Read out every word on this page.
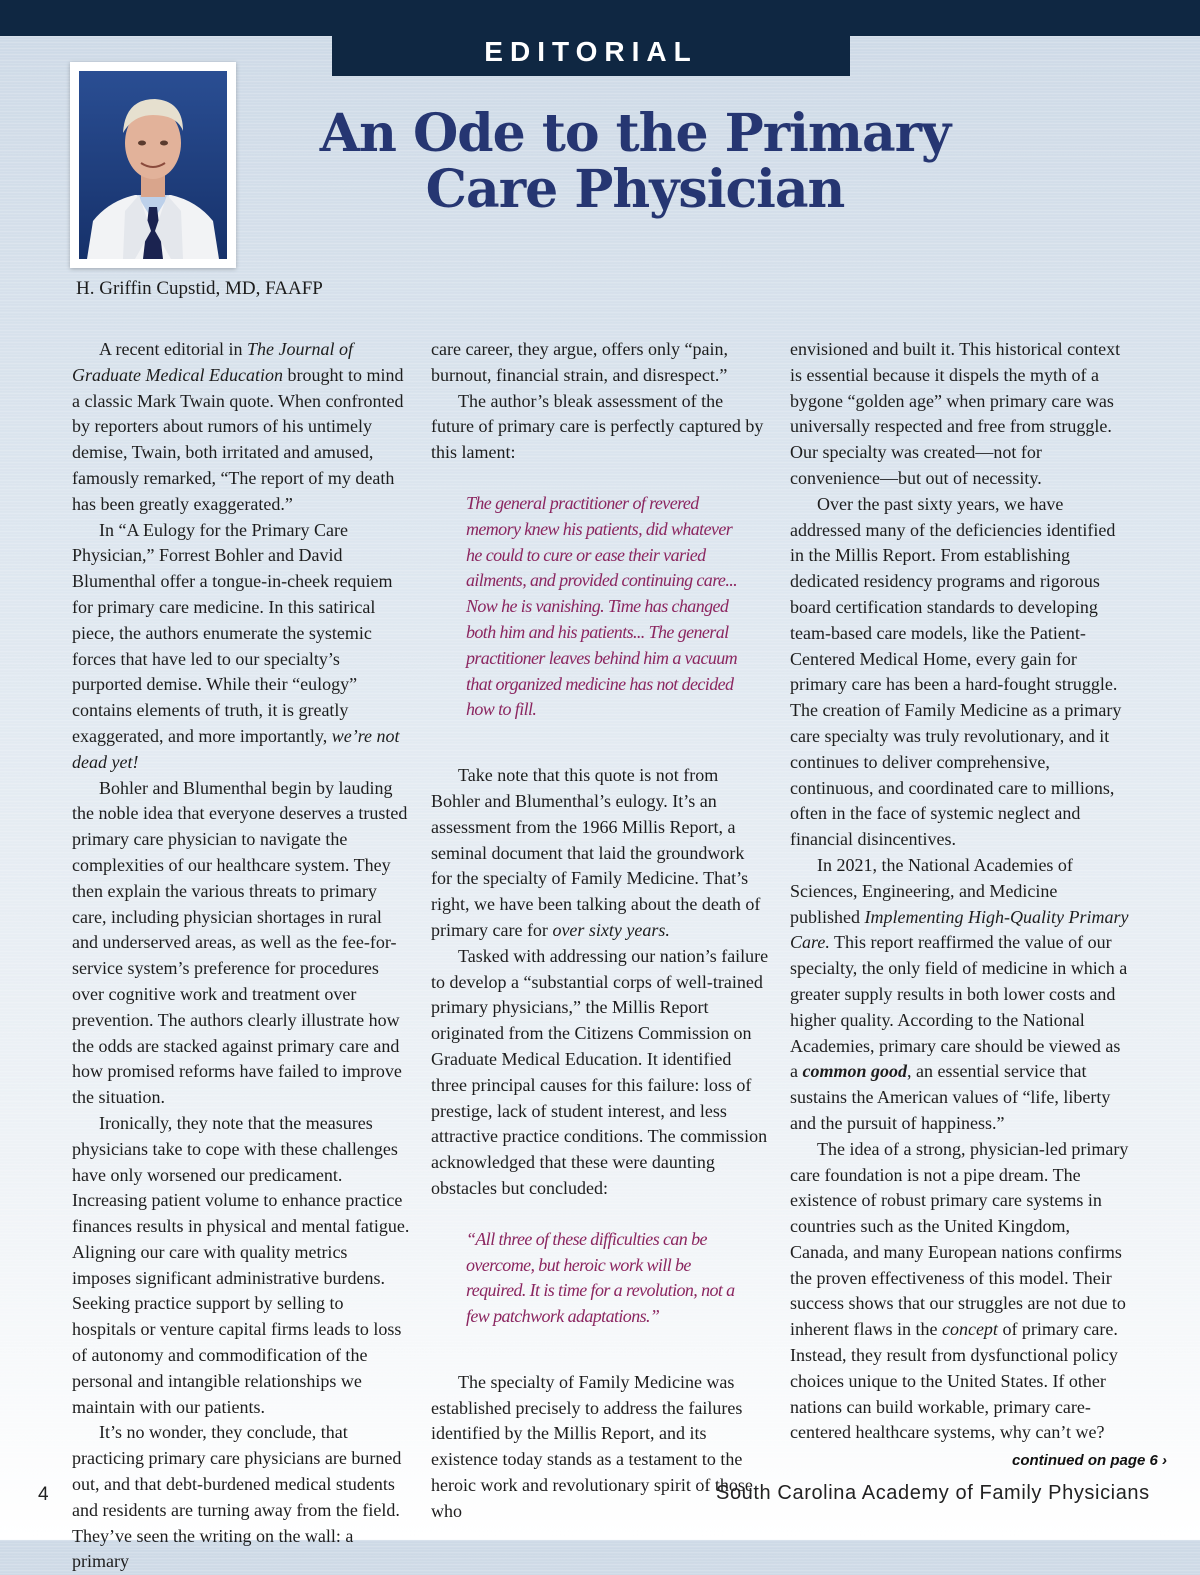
EDITORIAL
H. Griffin Cupstid, MD, FAAFP
An Ode to the Primary
Care Physician

A recent editorial in The Journal of Graduate Medical Education brought to mind a classic Mark Twain quote. When confronted by reporters about rumors of his untimely demise, Twain, both irritated and amused, famously remarked, “The report of my death has been greatly exaggerated.”

In “A Eulogy for the Primary Care Physician,” Forrest Bohler and David Blumenthal offer a tongue-in-cheek requiem for primary care medicine. In this satirical piece, the authors enumerate the systemic forces that have led to our specialty’s purported demise. While their “eulogy” contains elements of truth, it is greatly exaggerated, and more importantly, we’re not dead yet!

Bohler and Blumenthal begin by lauding the noble idea that everyone deserves a trusted primary care physician to navigate the complexities of our healthcare system. They then explain the various threats to primary care, including physician shortages in rural and underserved areas, as well as the fee-for-service system’s preference for procedures over cognitive work and treatment over prevention. The authors clearly illustrate how the odds are stacked against primary care and how promised reforms have failed to improve the situation.

Ironically, they note that the measures physicians take to cope with these challenges have only worsened our predicament. Increasing patient volume to enhance practice finances results in physical and mental fatigue. Aligning our care with quality metrics imposes significant administrative burdens. Seeking practice support by selling to hospitals or venture capital firms leads to loss of autonomy and commodification of the personal and intangible relationships we maintain with our patients.

It’s no wonder, they conclude, that practicing primary care physicians are burned out, and that debt-burdened medical students and residents are turning away from the field. They’ve seen the writing on the wall: a primary

care career, they argue, offers only “pain, burnout, financial strain, and disrespect.”

The author’s bleak assessment of the future of primary care is perfectly captured by this lament:

The general practitioner of revered memory knew his patients, did whatever he could to cure or ease their varied ailments, and provided continuing care... Now he is vanishing. Time has changed both him and his patients... The general practitioner leaves behind him a vacuum that organized medicine has not decided how to fill.

Take note that this quote is not from Bohler and Blumenthal’s eulogy. It’s an assessment from the 1966 Millis Report, a seminal document that laid the groundwork for the specialty of Family Medicine. That’s right, we have been talking about the death of primary care for over sixty years.

Tasked with addressing our nation’s failure to develop a “substantial corps of well-trained primary physicians,” the Millis Report originated from the Citizens Commission on Graduate Medical Education. It identified three principal causes for this failure: loss of prestige, lack of student interest, and less attractive practice conditions. The commission acknowledged that these were daunting obstacles but concluded:

“All three of these difficulties can be overcome, but heroic work will be required. It is time for a revolution, not a few patchwork adaptations.”

The specialty of Family Medicine was established precisely to address the failures identified by the Millis Report, and its existence today stands as a testament to the heroic work and revolutionary spirit of those who

envisioned and built it. This historical context is essential because it dispels the myth of a bygone “golden age” when primary care was universally respected and free from struggle. Our specialty was created—not for convenience—but out of necessity.

Over the past sixty years, we have addressed many of the deficiencies identified in the Millis Report. From establishing dedicated residency programs and rigorous board certification standards to developing team-based care models, like the Patient-Centered Medical Home, every gain for primary care has been a hard-fought struggle. The creation of Family Medicine as a primary care specialty was truly revolutionary, and it continues to deliver comprehensive, continuous, and coordinated care to millions, often in the face of systemic neglect and financial disincentives.

In 2021, the National Academies of Sciences, Engineering, and Medicine published Implementing High-Quality Primary Care. This report reaffirmed the value of our specialty, the only field of medicine in which a greater supply results in both lower costs and higher quality. According to the National Academies, primary care should be viewed as a common good, an essential service that sustains the American values of “life, liberty and the pursuit of happiness.”

The idea of a strong, physician-led primary care foundation is not a pipe dream. The existence of robust primary care systems in countries such as the United Kingdom, Canada, and many European nations confirms the proven effectiveness of this model. Their success shows that our struggles are not due to inherent flaws in the concept of primary care. Instead, they result from dysfunctional policy choices unique to the United States. If other nations can build workable, primary care-centered healthcare systems, why can’t we?

continued on page 6 ›
4	South Carolina Academy of Family Physicians
